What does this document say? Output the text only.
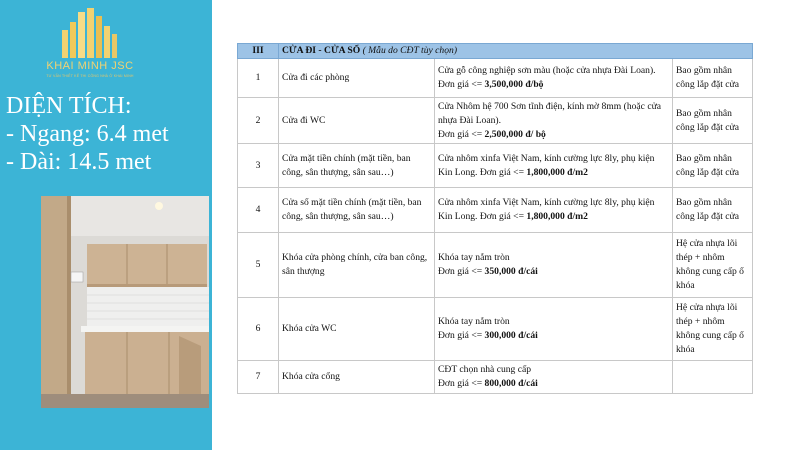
KHAI MINH JSC
TƯ VẤN THIẾT KẾ THI CÔNG NHÀ Ở KHAI MINH
DIỆN TÍCH:
- Ngang: 6.4 met
- Dài: 14.5 met
III	CỬA ĐI - CỬA SỔ ( Mẫu do CĐT tùy chọn)		
1	Cửa đi các phòng	Cửa gỗ công nghiệp sơn màu (hoặc cửa nhựa Đài Loan). Đơn giá <= 3,500,000 đ/bộ	Bao gồm nhân công lắp đặt cửa
2	Cửa đi WC	Cửa Nhôm hệ 700 Sơn tĩnh điện, kính mờ 8mm (hoặc cửa nhựa Đài Loan).
Đơn giá <= 2,500,000 đ/ bộ	Bao gồm nhân công lắp đặt cửa
3	Cửa mặt tiền chính (mặt tiền, ban công, sân thượng, sân sau…)	Cửa nhôm xinfa Việt Nam, kính cường lực 8ly, phụ kiện Kin Long. Đơn giá <= 1,800,000 đ/m2	Bao gồm nhân công lắp đặt cửa
4	Cửa sổ mặt tiền chính (mặt tiền, ban công, sân thượng, sân sau…)	Cửa nhôm xinfa Việt Nam, kính cường lực 8ly, phụ kiện Kin Long. Đơn giá <= 1,800,000 đ/m2	Bao gồm nhân công lắp đặt cửa
5	Khóa cửa phòng chính, cửa ban công, sân thượng	Khóa tay nắm tròn
Đơn giá <= 350,000 đ/cái	Hệ cửa nhựa lõi thép + nhôm không cung cấp ổ khóa
6	Khóa cửa WC	Khóa tay nắm tròn
Đơn giá <= 300,000 đ/cái	Hệ cửa nhựa lõi thép + nhôm không cung cấp ổ khóa
7	Khóa cửa cổng	CĐT chọn nhà cung cấp
Đơn giá <= 800,000 đ/cái	
